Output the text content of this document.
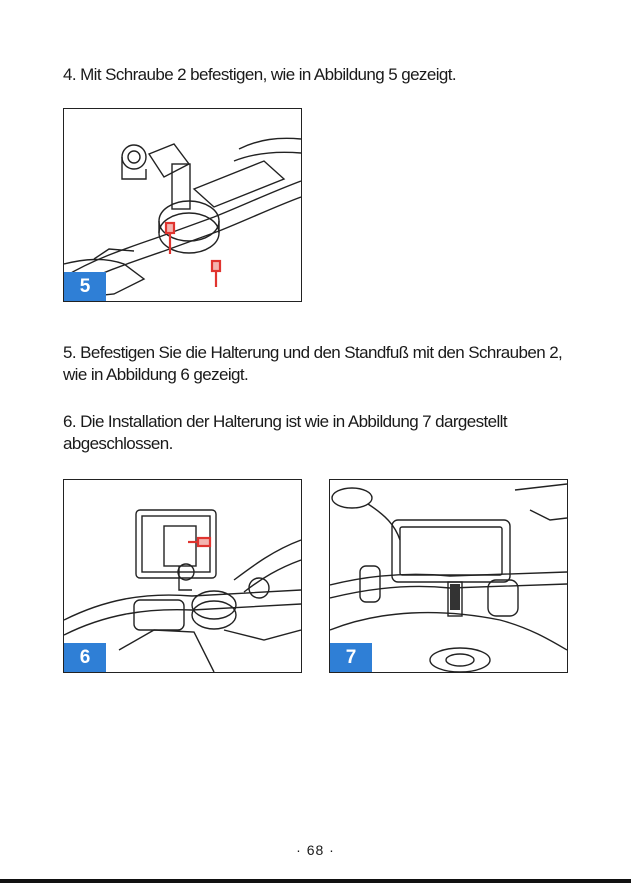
4. Mit Schraube 2 befestigen, wie in Abbildung 5 gezeigt.

5

5. Befestigen Sie die Halterung und den Standfuß mit den Schrauben 2, wie in Abbildung 6 gezeigt.

6. Die Installation der Halterung ist wie in Abbildung 7 dargestellt abgeschlossen.

6	7
· 68 ·
